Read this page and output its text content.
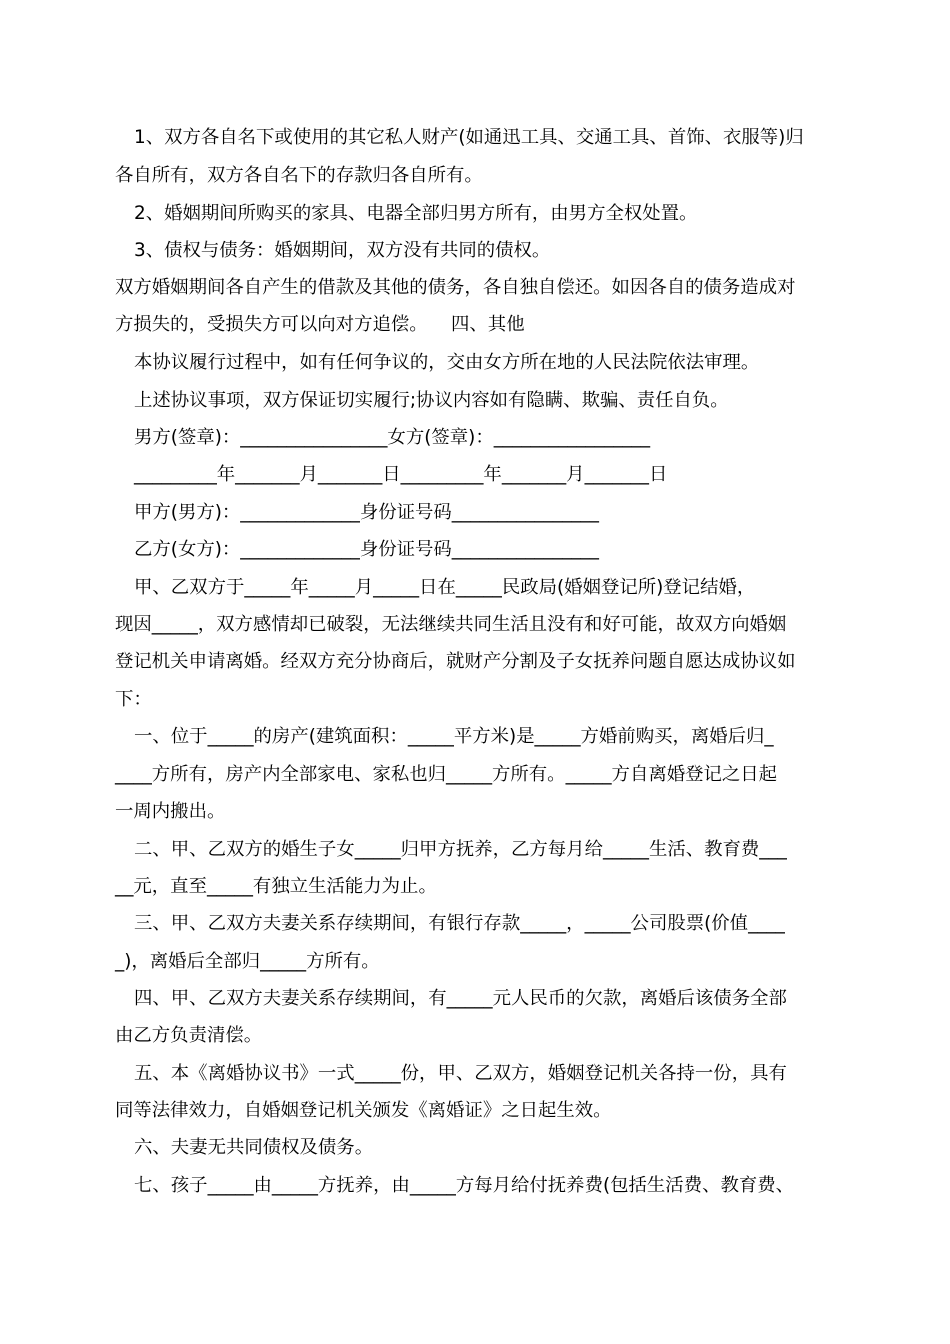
1、双方各自名下或使用的其它私人财产(如通迅工具、交通工具、首饰、衣服等)归
各自所有，双方各自名下的存款归各自所有。
2、婚姻期间所购买的家具、电器全部归男方所有，由男方全权处置。
3、债权与债务：婚姻期间，双方没有共同的债权。
双方婚姻期间各自产生的借款及其他的债务，各自独自偿还。如因各自的债务造成对
方损失的，受损失方可以向对方追偿。    四、其他
本协议履行过程中，如有任何争议的，交由女方所在地的人民法院依法审理。
上述协议事项，双方保证切实履行;协议内容如有隐瞒、欺骗、责任自负。
男方(签章)：________________女方(签章)：_________________
_________年_______月_______日_________年_______月_______日
甲方(男方)：_____________身份证号码________________
乙方(女方)：_____________身份证号码________________
甲、乙双方于_____年_____月_____日在_____民政局(婚姻登记所)登记结婚，
现因_____，双方感情却已破裂，无法继续共同生活且没有和好可能，故双方向婚姻
登记机关申请离婚。经双方充分协商后，就财产分割及子女抚养问题自愿达成协议如
下：
一、位于_____的房产(建筑面积：_____平方米)是_____方婚前购买，离婚后归_
____方所有，房产内全部家电、家私也归_____方所有。_____方自离婚登记之日起
一周内搬出。
二、甲、乙双方的婚生子女_____归甲方抚养，乙方每月给_____生活、教育费___
__元，直至_____有独立生活能力为止。
三、甲、乙双方夫妻关系存续期间，有银行存款_____，_____公司股票(价值____
_)，离婚后全部归_____方所有。
四、甲、乙双方夫妻关系存续期间，有_____元人民币的欠款，离婚后该债务全部
由乙方负责清偿。
五、本《离婚协议书》一式_____份，甲、乙双方，婚姻登记机关各持一份，具有
同等法律效力，自婚姻登记机关颁发《离婚证》之日起生效。
六、夫妻无共同债权及债务。
七、孩子_____由_____方抚养，由_____方每月给付抚养费(包括生活费、教育费、
